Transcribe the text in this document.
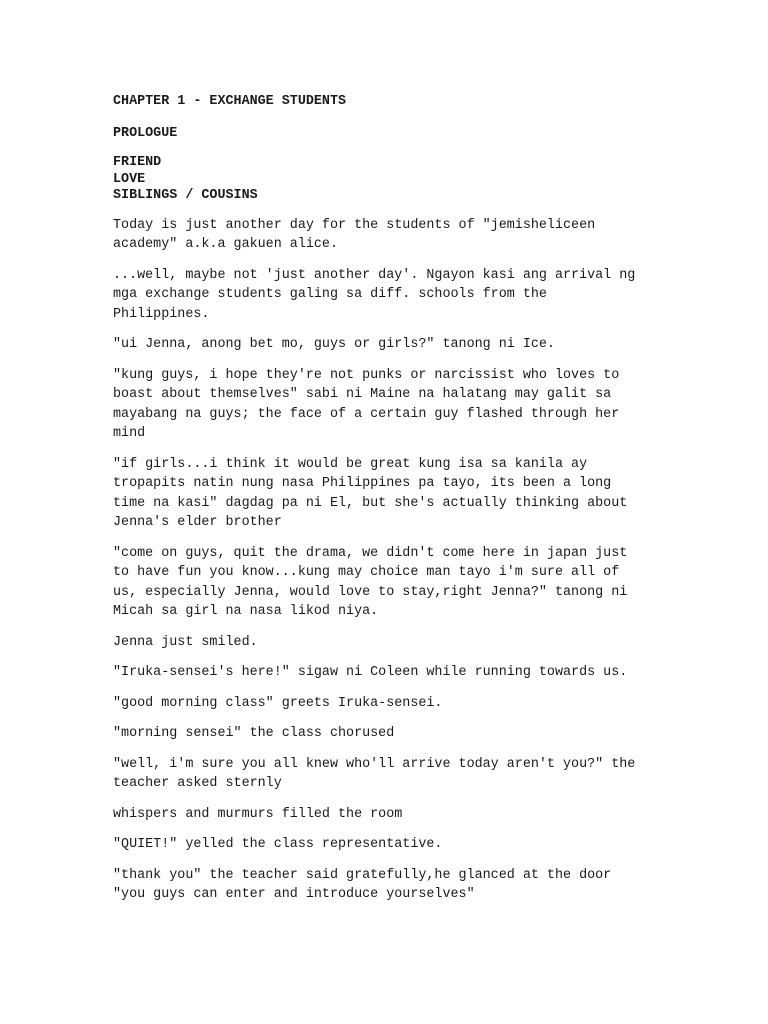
CHAPTER 1 - EXCHANGE STUDENTS

PROLOGUE

FRIEND
LOVE
SIBLINGS / COUSINS

Today is just another day for the students of "jemisheliceen
academy" a.k.a gakuen alice.

...well, maybe not 'just another day'. Ngayon kasi ang arrival ng
mga exchange students galing sa diff. schools from the
Philippines.

"ui Jenna, anong bet mo, guys or girls?" tanong ni Ice.

"kung guys, i hope they're not punks or narcissist who loves to
boast about themselves" sabi ni Maine na halatang may galit sa
mayabang na guys; the face of a certain guy flashed through her
mind

"if girls...i think it would be great kung isa sa kanila ay
tropapits natin nung nasa Philippines pa tayo, its been a long
time na kasi" dagdag pa ni El, but she's actually thinking about
Jenna's elder brother

"come on guys, quit the drama, we didn't come here in japan just
to have fun you know...kung may choice man tayo i'm sure all of
us, especially Jenna, would love to stay,right Jenna?" tanong ni
Micah sa girl na nasa likod niya.

Jenna just smiled.

"Iruka-sensei's here!" sigaw ni Coleen while running towards us.

"good morning class" greets Iruka-sensei.

"morning sensei" the class chorused

"well, i'm sure you all knew who'll arrive today aren't you?" the
teacher asked sternly

whispers and murmurs filled the room

"QUIET!" yelled the class representative.

"thank you" the teacher said gratefully,he glanced at the door
"you guys can enter and introduce yourselves"
